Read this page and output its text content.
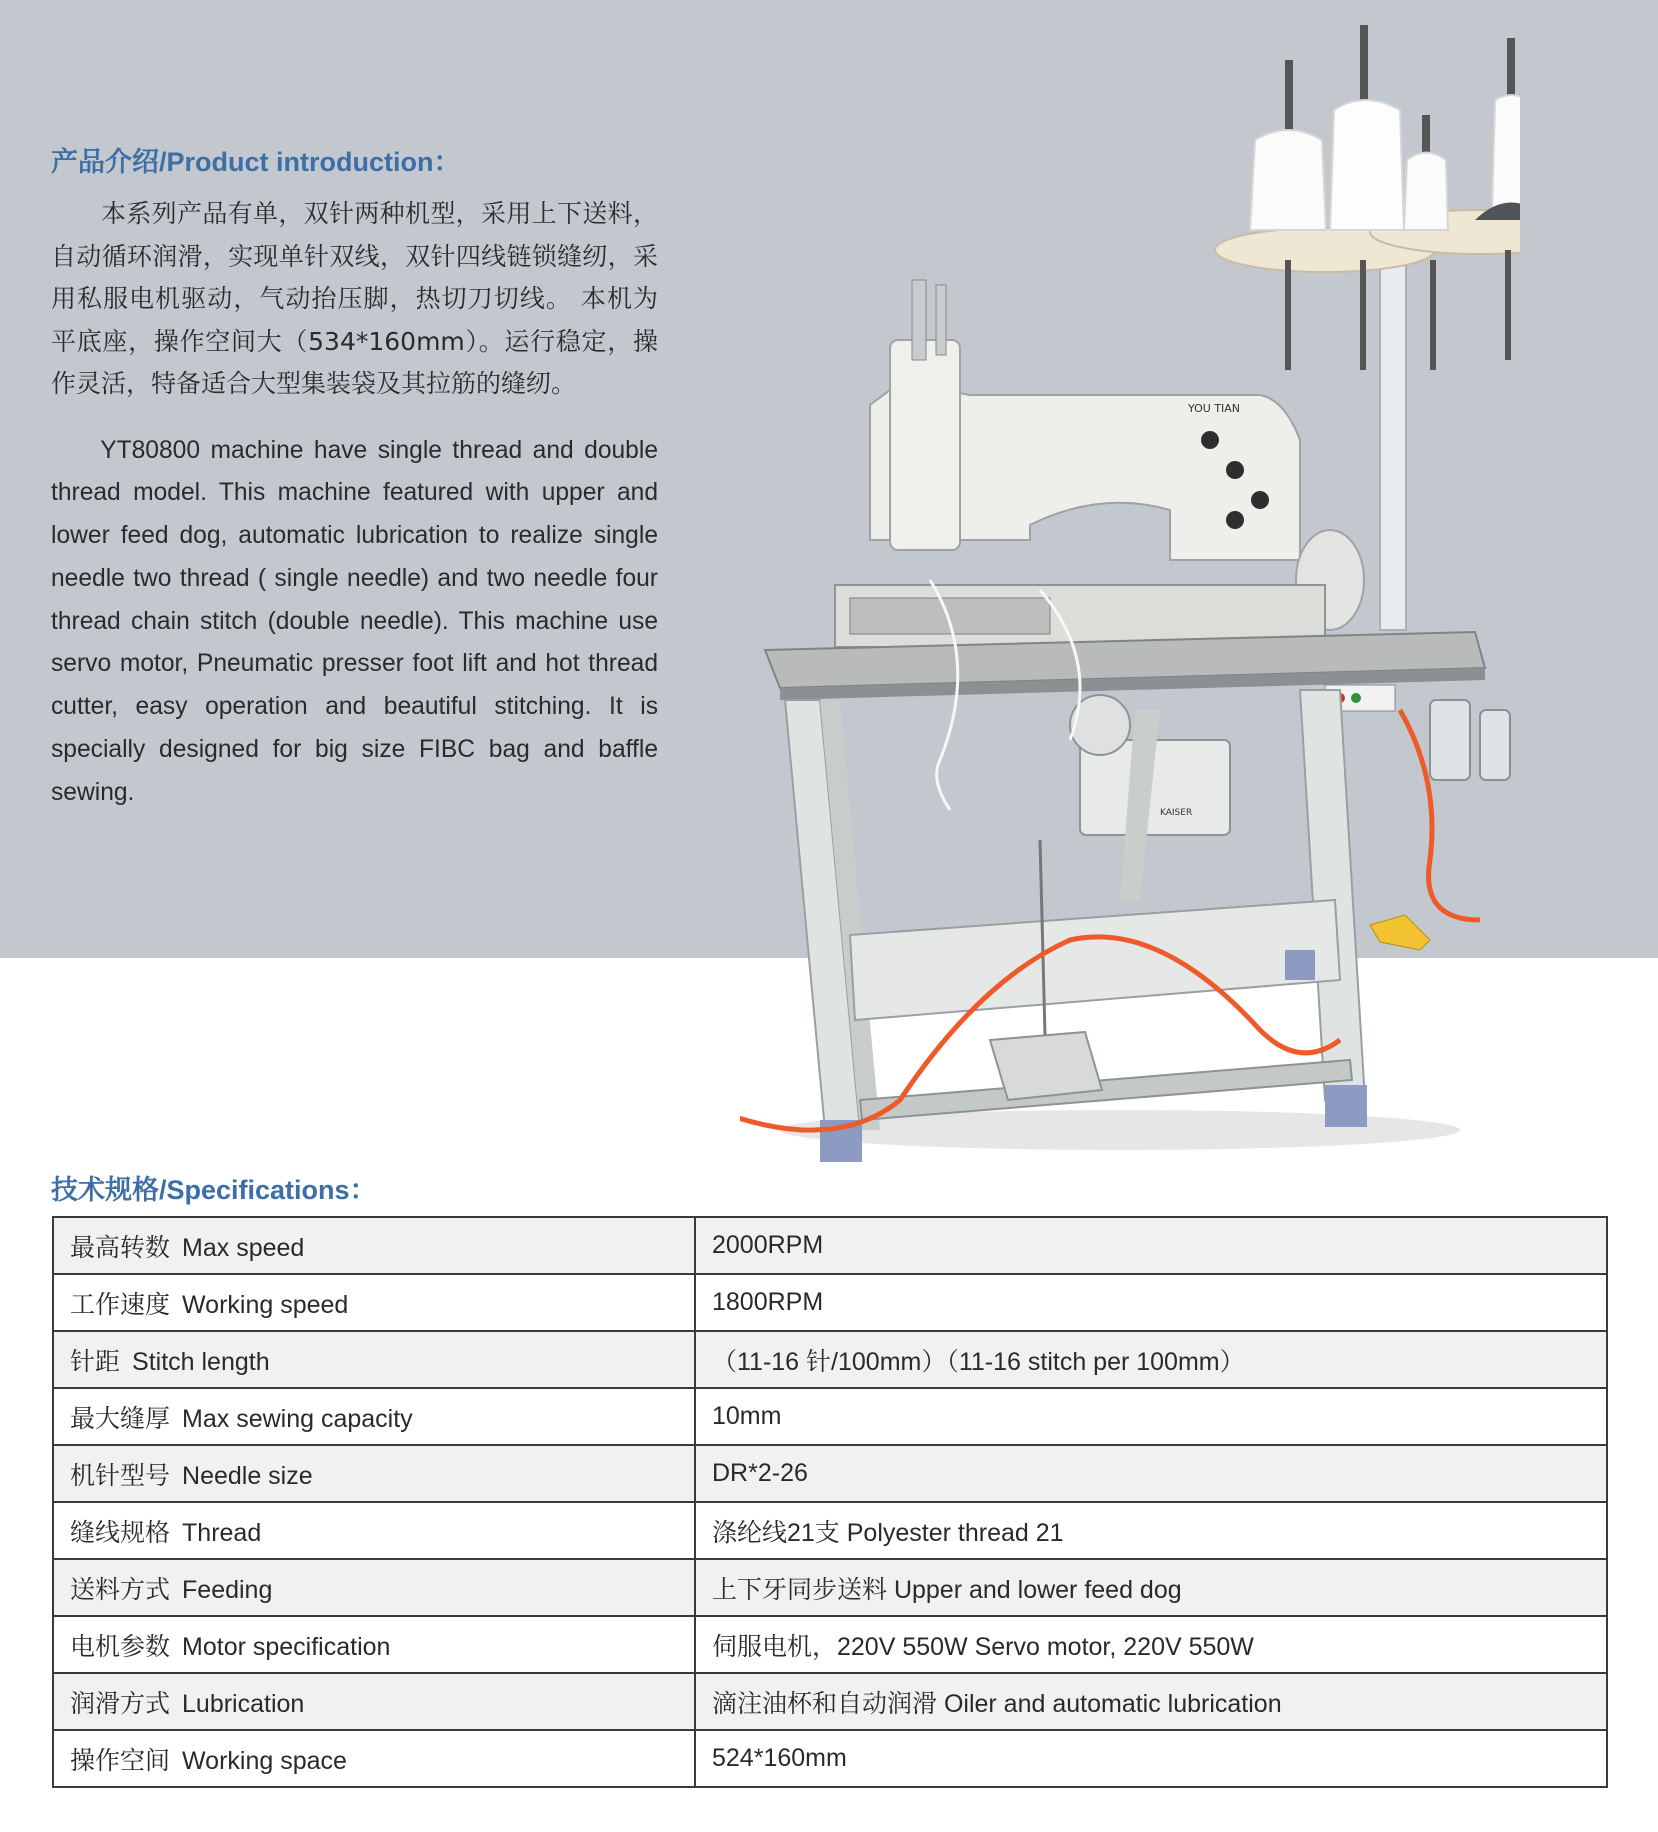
产品介绍/Product introduction：

本系列产品有单，双针两种机型，采用上下送料，自动循环润滑，实现单针双线，双针四线链锁缝纫，采用私服电机驱动，气动抬压脚，热切刀切线。 本机为平底座，操作空间大（534*160mm）。运行稳定，操作灵活，特备适合大型集装袋及其拉筋的缝纫。

YT80800 machine have single thread and double thread model. This machine featured with upper and lower feed dog, automatic lubrication to realize single needle two thread ( single needle) and two needle four thread chain stitch (double needle). This machine use servo motor, Pneumatic presser foot lift and hot thread cutter, easy operation and beautiful stitching. It is specially designed for big size FIBC bag and baffle sewing.

YOU TIAN
KAISER
技术规格/Specifications：
最高转数 Max speed	2000RPM
工作速度 Working speed	1800RPM
针距 Stitch length	（11-16 针/100mm）（11-16 stitch per 100mm）
最大缝厚 Max sewing capacity	10mm
机针型号 Needle size	DR*2-26
缝线规格 Thread	涤纶线21支 Polyester thread 21
送料方式 Feeding	上下牙同步送料 Upper and lower feed dog
电机参数 Motor specification	伺服电机，220V 550W Servo motor, 220V 550W
润滑方式 Lubrication	滴注油杯和自动润滑 Oiler and automatic lubrication
操作空间 Working space	524*160mm
